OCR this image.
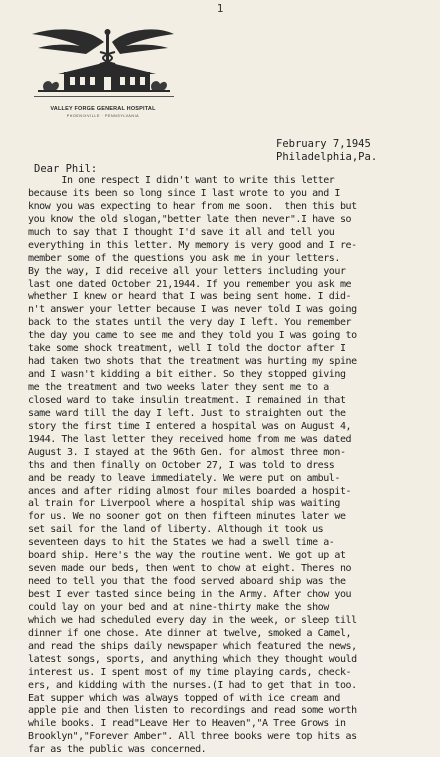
1
VALLEY FORGE GENERAL HOSPITAL
PHOENIXVILLE · PENNSYLVANIA
February 7,1945
Philadelphia,Pa.
Dear Phil:
In one respect I didn't want to write this letter
because its been so long since I last wrote to you and I
know you was expecting to hear from me soon.  then this but
you know the old slogan,"better late then never".I have so
much to say that I thought I'd save it all and tell you
everything in this letter. My memory is very good and I re-
member some of the questions you ask me in your letters.
By the way, I did receive all your letters including your
last one dated October 21,1944. If you remember you ask me
whether I knew or heard that I was being sent home. I did-
n't answer your letter because I was never told I was going
back to the states until the very day I left. You remember
the day you came to see me and they told you I was going to
take some shock treatment, well I told the doctor after I
had taken two shots that the treatment was hurting my spine
and I wasn't kidding a bit either. So they stopped giving
me the treatment and two weeks later they sent me to a
closed ward to take insulin treatment. I remained in that
same ward till the day I left. Just to straighten out the
story the first time I entered a hospital was on August 4,
1944. The last letter they received home from me was dated
August 3. I stayed at the 96th Gen. for almost three mon-
ths and then finally on October 27, I was told to dress
and be ready to leave immediately. We were put on ambul-
ances and after riding almost four miles boarded a hospit-
al train for Liverpool where a hospital ship was waiting
for us. We no sooner got on then fifteen minutes later we
set sail for the land of liberty. Although it took us
seventeen days to hit the States we had a swell time a-
board ship. Here's the way the routine went. We got up at
seven made our beds, then went to chow at eight. Theres no
need to tell you that the food served aboard ship was the
best I ever tasted since being in the Army. After chow you
could lay on your bed and at nine-thirty make the show
which we had scheduled every day in the week, or sleep till
dinner if one chose. Ate dinner at twelve, smoked a Camel,
and read the ships daily newspaper which featured the news,
latest songs, sports, and anything which they thought would
interest us. I spent most of my time playing cards, check-
ers, and kidding with the nurses.(I had to get that in too.
Eat supper which was always topped of with ice cream and
apple pie and then listen to recordings and read some worth
while books. I read"Leave Her to Heaven","A Tree Grows in
Brooklyn","Forever Amber". All three books were top hits as
far as the public was concerned.
